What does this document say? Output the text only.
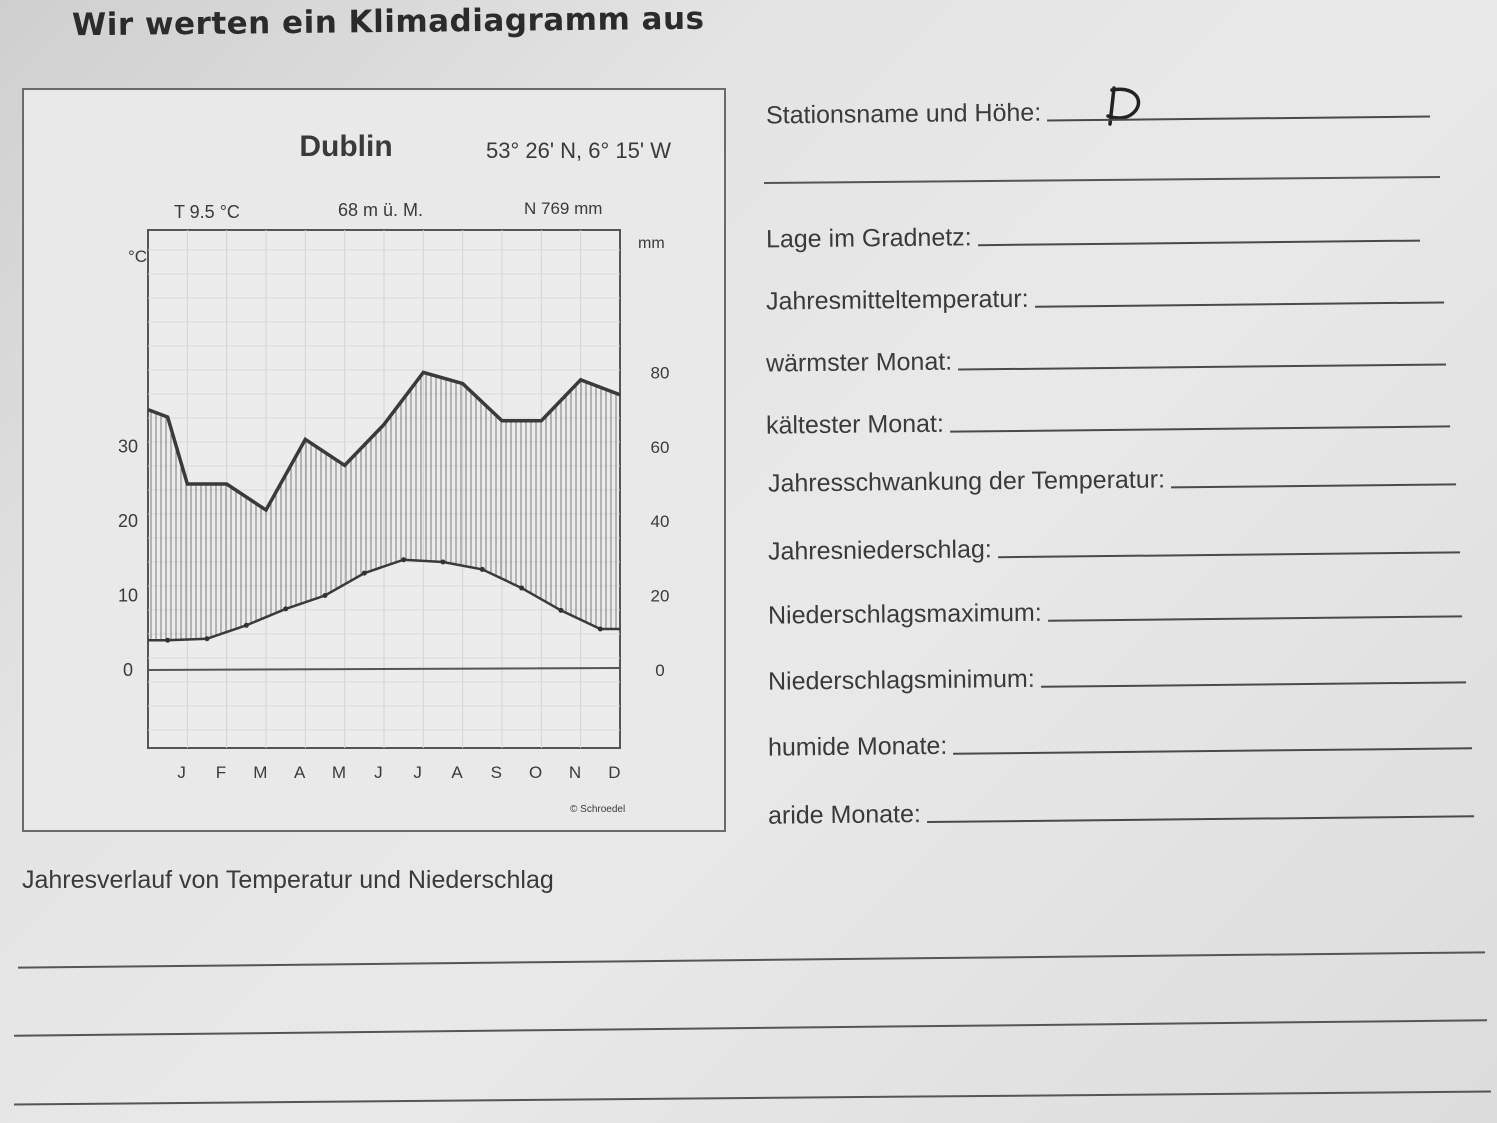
Wir werten ein Klimadiagramm aus
Dublin	53° 26' N, 6° 15' W
T 9.5 °C	68 m ü. M.	N 769 mm
°C
mm
© Schroedel
0
10
20
30
0
20
40
60
80
J F M A M J J A S O N D
Stationsname und Höhe:
Lage im Gradnetz:
Jahresmitteltemperatur:
wärmster Monat:
kältester Monat:
Jahresschwankung der Temperatur:
Jahresniederschlag:
Niederschlagsmaximum:
Niederschlagsminimum:
humide Monate:
aride Monate:
Jahresverlauf von Temperatur und Niederschlag
